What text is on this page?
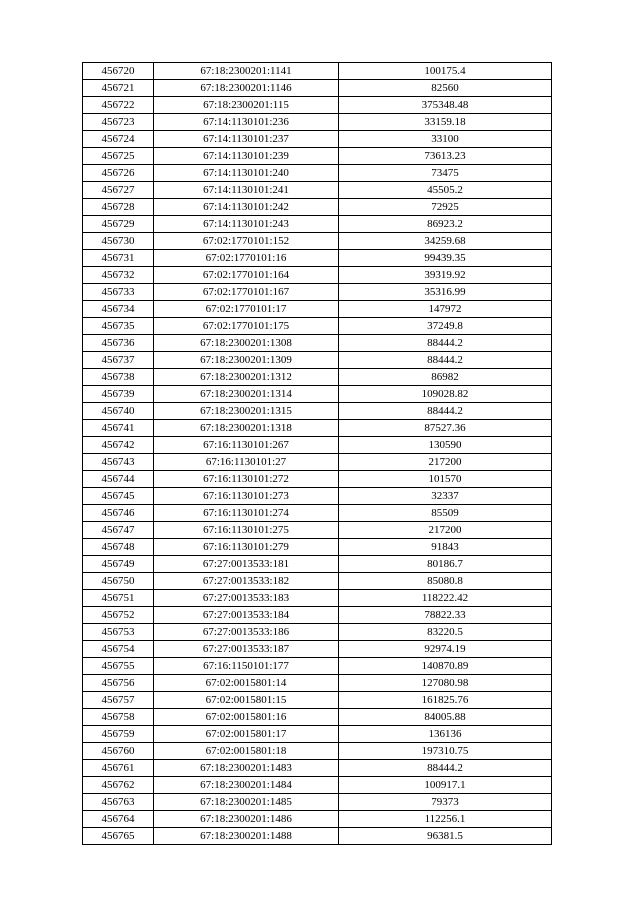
456720	67:18:2300201:1141	100175.4
456721	67:18:2300201:1146	82560
456722	67:18:2300201:115	375348.48
456723	67:14:1130101:236	33159.18
456724	67:14:1130101:237	33100
456725	67:14:1130101:239	73613.23
456726	67:14:1130101:240	73475
456727	67:14:1130101:241	45505.2
456728	67:14:1130101:242	72925
456729	67:14:1130101:243	86923.2
456730	67:02:1770101:152	34259.68
456731	67:02:1770101:16	99439.35
456732	67:02:1770101:164	39319.92
456733	67:02:1770101:167	35316.99
456734	67:02:1770101:17	147972
456735	67:02:1770101:175	37249.8
456736	67:18:2300201:1308	88444.2
456737	67:18:2300201:1309	88444.2
456738	67:18:2300201:1312	86982
456739	67:18:2300201:1314	109028.82
456740	67:18:2300201:1315	88444.2
456741	67:18:2300201:1318	87527.36
456742	67:16:1130101:267	130590
456743	67:16:1130101:27	217200
456744	67:16:1130101:272	101570
456745	67:16:1130101:273	32337
456746	67:16:1130101:274	85509
456747	67:16:1130101:275	217200
456748	67:16:1130101:279	91843
456749	67:27:0013533:181	80186.7
456750	67:27:0013533:182	85080.8
456751	67:27:0013533:183	118222.42
456752	67:27:0013533:184	78822.33
456753	67:27:0013533:186	83220.5
456754	67:27:0013533:187	92974.19
456755	67:16:1150101:177	140870.89
456756	67:02:0015801:14	127080.98
456757	67:02:0015801:15	161825.76
456758	67:02:0015801:16	84005.88
456759	67:02:0015801:17	136136
456760	67:02:0015801:18	197310.75
456761	67:18:2300201:1483	88444.2
456762	67:18:2300201:1484	100917.1
456763	67:18:2300201:1485	79373
456764	67:18:2300201:1486	112256.1
456765	67:18:2300201:1488	96381.5
